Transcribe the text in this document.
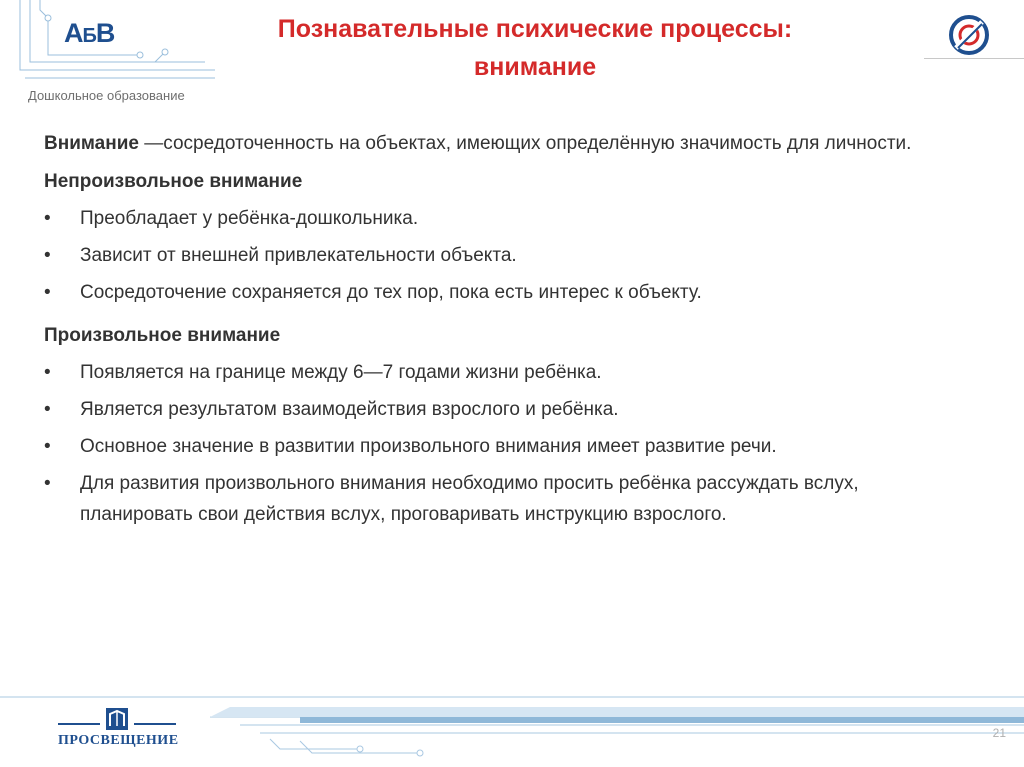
АБВ
Дошкольное образование
Познавательные психические процессы:
внимание

Внимание —сосредоточенность на объектах, имеющих определённую значимость для личности.

Непроизвольное внимание

• Преобладает у ребёнка-дошкольника.
• Зависит от внешней привлекательности объекта.
• Сосредоточение сохраняется до тех пор, пока есть интерес к объекту.

Произвольное внимание

• Появляется на границе между 6—7 годами жизни ребёнка.
• Является результатом взаимодействия взрослого и ребёнка.
• Основное значение в развитии произвольного внимания имеет развитие речи.
• Для развития произвольного внимания необходимо просить ребёнка рассуждать вслух, планировать свои действия вслух, проговаривать инструкцию взрослого.
ПРОСВЕЩЕНИЕ	21
